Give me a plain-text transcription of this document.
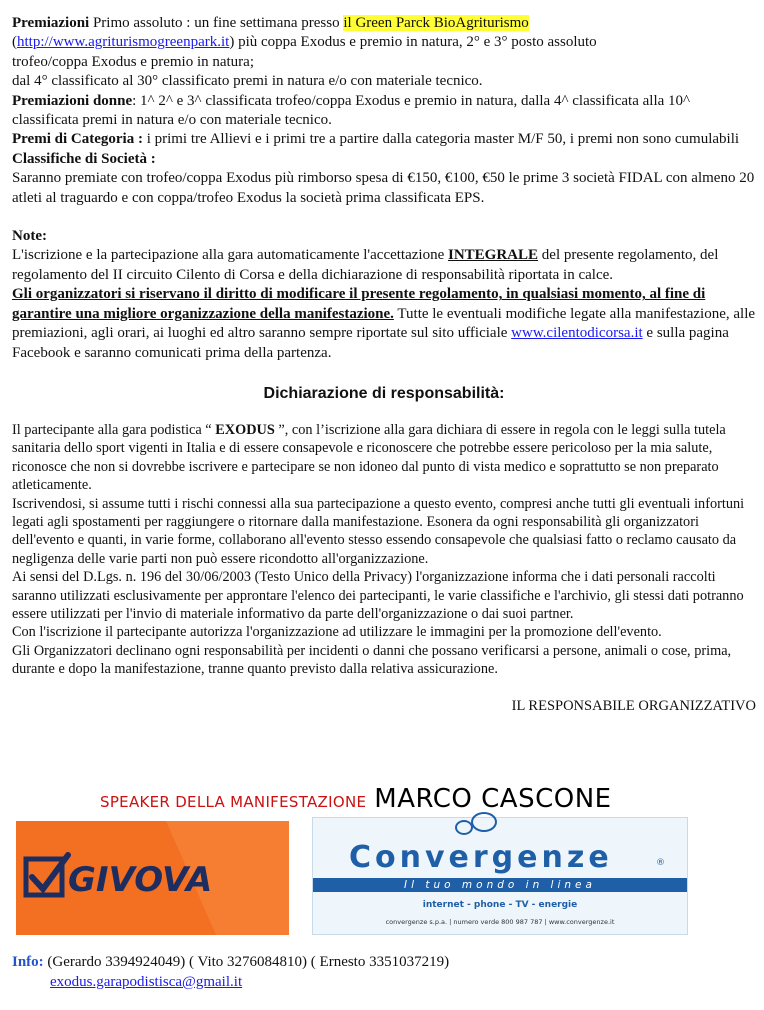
Premiazioni Primo assoluto : un fine settimana presso il Green Parck BioAgriturismo

(http://www.agriturismogreenpark.it) più coppa Exodus e premio in natura, 2° e 3° posto assoluto

trofeo/coppa Exodus e premio in natura;

dal 4° classificato al 30° classificato premi in natura e/o con materiale tecnico.

Premiazioni donne: 1^ 2^ e 3^ classificata trofeo/coppa Exodus e premio in natura, dalla 4^ classificata alla 10^ classificata premi in natura e/o con materiale tecnico.

Premi di Categoria : i primi tre Allievi e i primi tre a partire dalla categoria master M/F 50, i premi non sono cumulabili

Classifiche di Società :

Saranno premiate con trofeo/coppa Exodus più rimborso spesa di €150, €100, €50 le prime 3 società FIDAL con almeno 20 atleti al traguardo e con coppa/trofeo Exodus la società prima classificata EPS.

Note:

L'iscrizione e la partecipazione alla gara automaticamente l'accettazione INTEGRALE del presente regolamento, del regolamento del II circuito Cilento di Corsa e della dichiarazione di responsabilità riportata in calce.

Gli organizzatori si riservano il diritto di modificare il presente regolamento, in qualsiasi momento, al fine di garantire una migliore organizzazione della manifestazione. Tutte le eventuali modifiche legate alla manifestazione, alle premiazioni, agli orari, ai luoghi ed altro saranno sempre riportate sul sito ufficiale www.cilentodicorsa.it e sulla pagina Facebook e saranno comunicati prima della partenza.

Dichiarazione di responsabilità:

Il partecipante alla gara podistica “ EXODUS ”, con l’iscrizione alla gara dichiara di essere in regola con le leggi sulla tutela sanitaria dello sport vigenti in Italia e di essere consapevole e riconoscere che potrebbe essere pericoloso per la mia salute, riconosce che non si dovrebbe iscrivere e partecipare se non idoneo dal punto di vista medico e soprattutto se non preparato atleticamente.

Iscrivendosi, si assume tutti i rischi connessi alla sua partecipazione a questo evento, compresi anche tutti gli eventuali infortuni legati agli spostamenti per raggiungere o ritornare dalla manifestazione. Esonera da ogni responsabilità gli organizzatori dell'evento e quanti, in varie forme, collaborano all'evento stesso essendo consapevole che qualsiasi fatto o reclamo causato da negligenza delle varie parti non può essere ricondotto all'organizzazione.

Ai sensi del D.Lgs. n. 196 del 30/06/2003 (Testo Unico della Privacy) l'organizzazione informa che i dati personali raccolti saranno utilizzati esclusivamente per approntare l'elenco dei partecipanti, le varie classifiche e l'archivio, gli stessi dati potranno essere utilizzati per l'invio di materiale informativo da parte dell'organizzazione o dai suoi partner.

Con l'iscrizione il partecipante autorizza l'organizzazione ad utilizzare le immagini per la promozione dell'evento.

Gli Organizzatori declinano ogni responsabilità per incidenti o danni che possano verificarsi a persone, animali o cose, prima, durante e dopo la manifestazione, tranne quanto previsto dalla relativa assicurazione.

IL RESPONSABILE ORGANIZZATIVO
SPEAKER DELLA MANIFESTAZIONE MARCO CASCONE
GIVOVA
Convergenze	®
Il tuo mondo in linea
internet - phone - TV - energie
convergenze s.p.a. | numero verde 800 987 787 | www.convergenze.it
Info: (Gerardo 3394924049) ( Vito 3276084810) ( Ernesto 3351037219)
exodus.garapodistisca@gmail.it
